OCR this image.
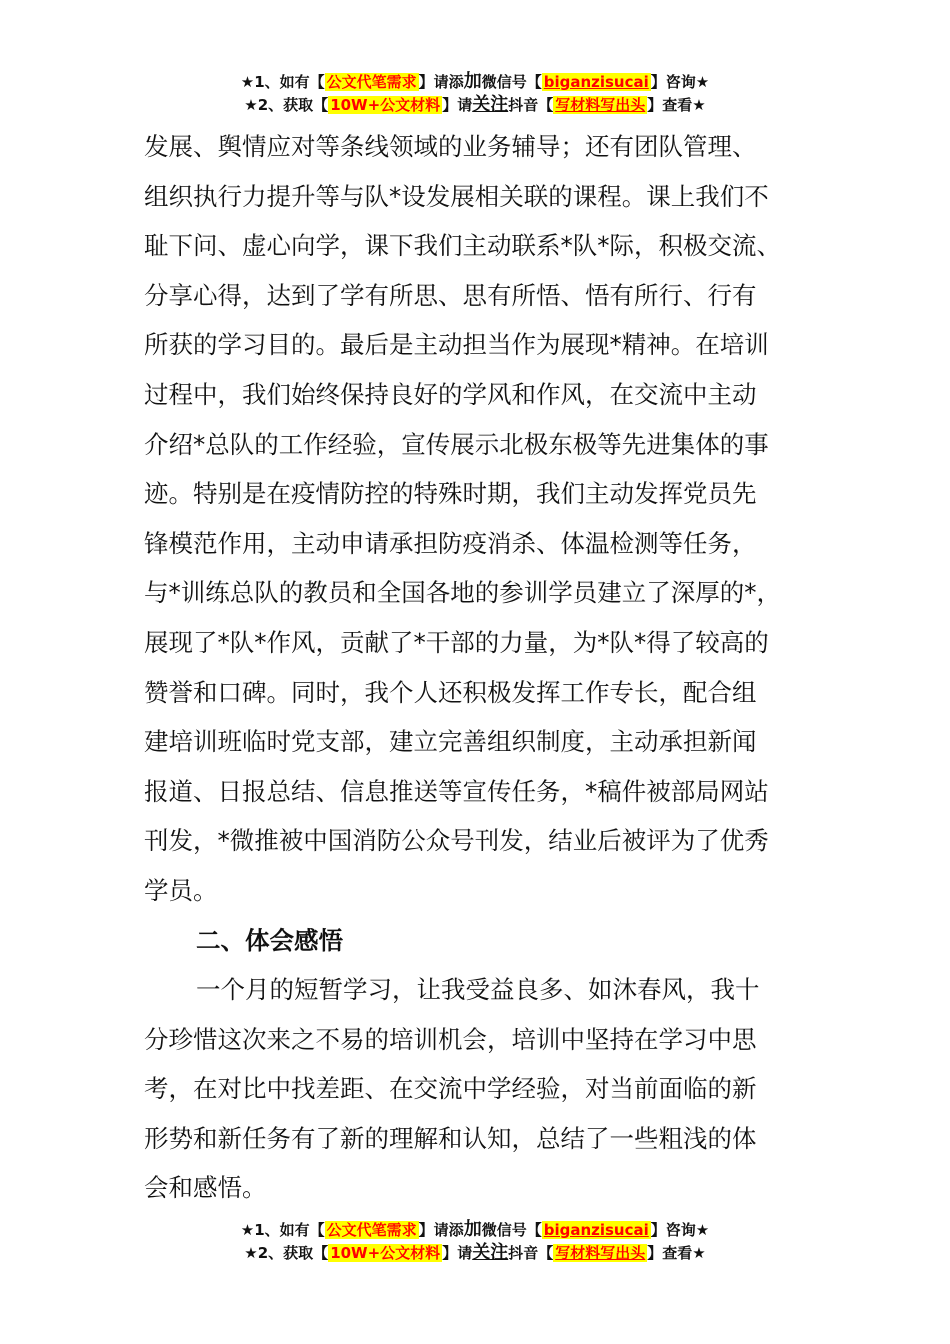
★1、如有【 公文代笔需求 】请添加微信号【 biganzisucai 】咨询★
★2、获取【 10W+公文材料 】请关注抖音【 写材料写出头 】查看★
发展、舆情应对等条线领域的业务辅导；还有团队管理、
组织执行力提升等与队*设发展相关联的课程。课上我们不
耻下问、虚心向学，课下我们主动联系*队*际，积极交流、
分享心得，达到了学有所思、思有所悟、悟有所行、行有
所获的学习目的。最后是主动担当作为展现*精神。在培训
过程中，我们始终保持良好的学风和作风，在交流中主动
介绍*总队的工作经验，宣传展示北极东极等先进集体的事
迹。特别是在疫情防控的特殊时期，我们主动发挥党员先
锋模范作用，主动申请承担防疫消杀、体温检测等任务，
与*训练总队的教员和全国各地的参训学员建立了深厚的*，
展现了*队*作风，贡献了*干部的力量，为*队*得了较高的
赞誉和口碑。同时，我个人还积极发挥工作专长，配合组
建培训班临时党支部，建立完善组织制度，主动承担新闻
报道、日报总结、信息推送等宣传任务，*稿件被部局网站
刊发，*微推被中国消防公众号刊发，结业后被评为了优秀
学员。
二、体会感悟
一个月的短暂学习，让我受益良多、如沐春风，我十
分珍惜这次来之不易的培训机会，培训中坚持在学习中思
考，在对比中找差距、在交流中学经验，对当前面临的新
形势和新任务有了新的理解和认知，总结了一些粗浅的体
会和感悟。
★1、如有【 公文代笔需求 】请添加微信号【 biganzisucai 】咨询★
★2、获取【 10W+公文材料 】请关注抖音【 写材料写出头 】查看★
